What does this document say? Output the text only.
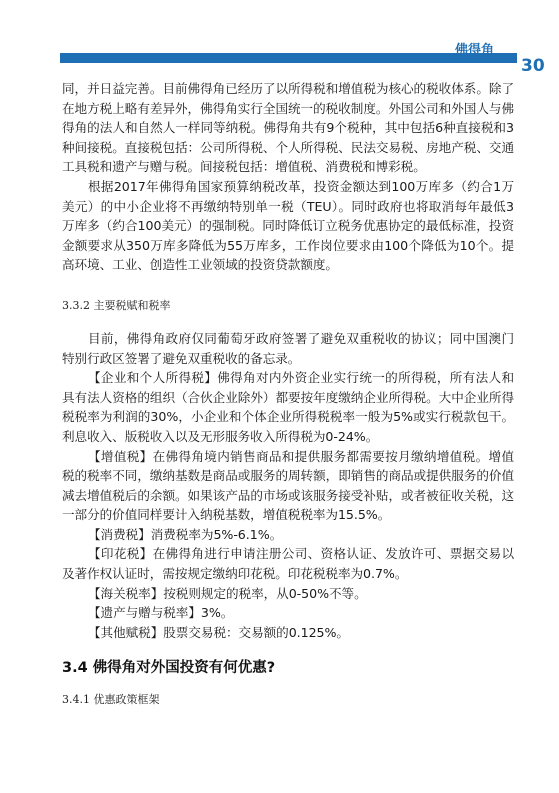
佛得角
30

同，并日益完善。目前佛得角已经历了以所得税和增值税为核心的税收体系。除了在地方税上略有差异外，佛得角实行全国统一的税收制度。外国公司和外国人与佛得角的法人和自然人一样同等纳税。佛得角共有9个税种，其中包括6种直接税和3种间接税。直接税包括：公司所得税、个人所得税、民法交易税、房地产税、交通工具税和遗产与赠与税。间接税包括：增值税、消费税和博彩税。

根据2017年佛得角国家预算纳税改革，投资金额达到100万库多（约合1万美元）的中小企业将不再缴纳特别单一税（TEU）。同时政府也将取消每年最低3万库多（约合100美元）的强制税。同时降低订立税务优惠协定的最低标准，投资金额要求从350万库多降低为55万库多，工作岗位要求由100个降低为10个。提高环境、工业、创造性工业领域的投资贷款额度。

3.3.2 主要税赋和税率

目前，佛得角政府仅同葡萄牙政府签署了避免双重税收的协议；同中国澳门特别行政区签署了避免双重税收的备忘录。

【企业和个人所得税】佛得角对内外资企业实行统一的所得税，所有法人和具有法人资格的组织（合伙企业除外）都要按年度缴纳企业所得税。大中企业所得税税率为利润的30%，小企业和个体企业所得税税率一般为5%或实行税款包干。利息收入、版税收入以及无形服务收入所得税为0-24%。

【增值税】在佛得角境内销售商品和提供服务都需要按月缴纳增值税。增值税的税率不同，缴纳基数是商品或服务的周转额，即销售的商品或提供服务的价值减去增值税后的余额。如果该产品的市场或该服务接受补贴，或者被征收关税，这一部分的价值同样要计入纳税基数，增值税税率为15.5%。

【消费税】消费税率为5%-6.1%。

【印花税】在佛得角进行申请注册公司、资格认证、发放许可、票据交易以及著作权认证时，需按规定缴纳印花税。印花税税率为0.7%。

【海关税率】按税则规定的税率，从0-50%不等。

【遗产与赠与税率】3%。

【其他赋税】股票交易税：交易额的0.125%。

3.4 佛得角对外国投资有何优惠?
3.4.1 优惠政策框架
